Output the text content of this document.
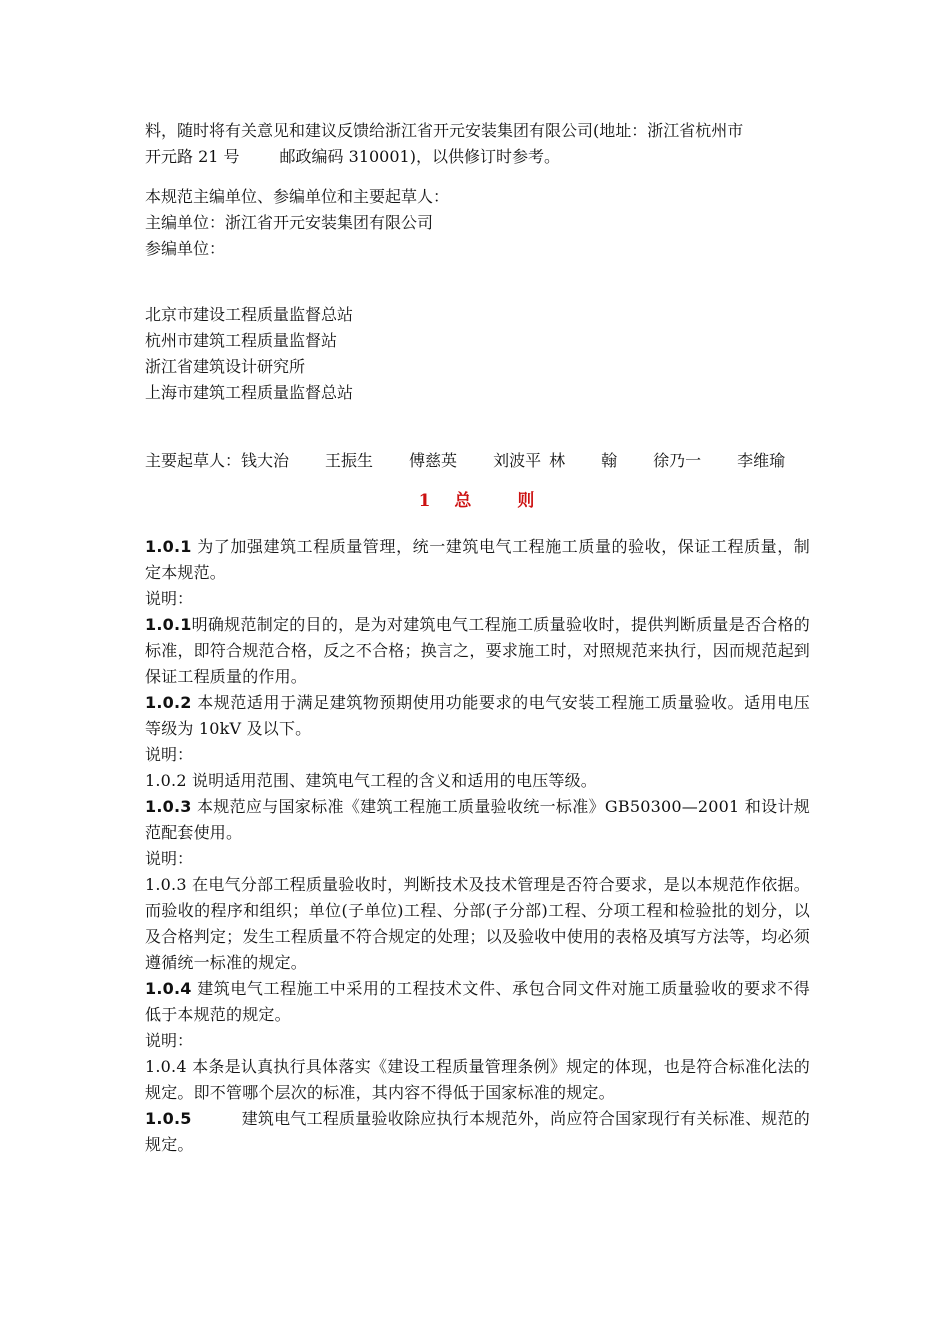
料，随时将有关意见和建议反馈给浙江省开元安装集团有限公司(地址：浙江省杭州市
开元路 21 号	邮政编码 310001)，以供修订时参考。
本规范主编单位、参编单位和主要起草人：
主编单位：浙江省开元安装集团有限公司
参编单位：
北京市建设工程质量监督总站
杭州市建筑工程质量监督站
浙江省建筑设计研究所
上海市建筑工程质量监督总站
主要起草人：钱大治 王振生 傅慈英 刘波平 林 翰 徐乃一 李维瑜
1 总	则
1.0.1 为了加强建筑工程质量管理，统一建筑电气工程施工质量的验收，保证工程质量，制定本规范。
说明：
1.0.1明确规范制定的目的，是为对建筑电气工程施工质量验收时，提供判断质量是否合格的标准，即符合规范合格，反之不合格；换言之，要求施工时，对照规范来执行，因而规范起到保证工程质量的作用。
1.0.2 本规范适用于满足建筑物预期使用功能要求的电气安装工程施工质量验收。适用电压等级为 10kV 及以下。
说明：
1.0.2 说明适用范围、建筑电气工程的含义和适用的电压等级。
1.0.3 本规范应与国家标准《建筑工程施工质量验收统一标准》GB50300—2001 和设计规范配套使用。
说明：
1.0.3 在电气分部工程质量验收时，判断技术及技术管理是否符合要求，是以本规范作依据。而验收的程序和组织；单位(子单位)工程、分部(子分部)工程、分项工程和检验批的划分，以及合格判定；发生工程质量不符合规定的处理；以及验收中使用的表格及填写方法等，均必须遵循统一标准的规定。
1.0.4 建筑电气工程施工中采用的工程技术文件、承包合同文件对施工质量验收的要求不得低于本规范的规定。
说明：
1.0.4 本条是认真执行具体落实《建设工程质量管理条例》规定的体现，也是符合标准化法的规定。即不管哪个层次的标准，其内容不得低于国家标准的规定。
1.0.5	建筑电气工程质量验收除应执行本规范外，尚应符合国家现行有关标准、规范的规定。
